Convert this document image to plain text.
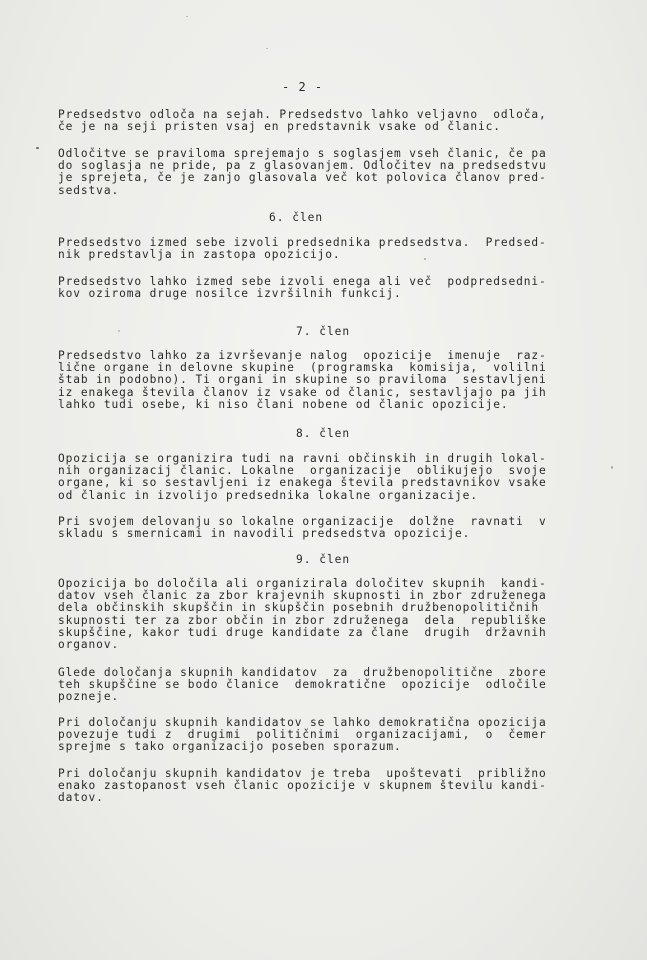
- 2 -
Predsedstvo odloča na sejah. Predsedstvo lahko veljavno  odloča,
če je na seji pristen vsaj en predstavnik vsake od članic.
Odločitve se praviloma sprejemajo s soglasjem vseh članic, če pa
do soglasja ne pride, pa z glasovanjem. Odločitev na predsedstvu
je sprejeta, če je zanjo glasovala več kot polovica članov pred-
sedstva.
6. člen
Predsedstvo izmed sebe izvoli predsednika predsedstva.  Predsed-
nik predstavlja in zastopa opozicijo.
Predsedstvo lahko izmed sebe izvoli enega ali več  podpredsedni-
kov oziroma druge nosilce izvršilnih funkcij.
7. člen
Predsedstvo lahko za izvrševanje nalog  opozicije  imenuje  raz-
lične organe in delovne skupine  (programska  komisija,  volilni
štab in podobno). Ti organi in skupine so praviloma  sestavljeni
iz enakega števila članov iz vsake od članic, sestavljajo pa jih
lahko tudi osebe, ki niso člani nobene od članic opozicije.
8. člen
Opozicija se organizira tudi na ravni občinskih in drugih lokal-
nih organizacij članic. Lokalne  organizacije  oblikujejo  svoje
organe, ki so sestavljeni iz enakega števila predstavnikov vsake
od članic in izvolijo predsednika lokalne organizacije.
Pri svojem delovanju so lokalne organizacije  dolžne  ravnati  v
skladu s smernicami in navodili predsedstva opozicije.
9. člen
Opozicija bo določila ali organizirala določitev skupnih  kandi-
datov vseh članic za zbor krajevnih skupnosti in zbor združenega
dela občinskih skupščin in skupščin posebnih družbenopolitičnih
skupnosti ter za zbor občin in zbor združenega  dela  republiške
skupščine, kakor tudi druge kandidate za člane  drugih  državnih
organov.
Glede določanja skupnih kandidatov  za  družbenopolitične  zbore
teh skupščine se bodo članice  demokratične  opozicije  odločile
pozneje.
Pri določanju skupnih kandidatov se lahko demokratična opozicija
povezuje tudi z  drugimi  političnimi  organizacijami,  o  čemer
sprejme s tako organizacijo poseben sporazum.
Pri določanju skupnih kandidatov je treba  upoštevati  približno
enako zastopanost vseh članic opozicije v skupnem številu kandi-
datov.
